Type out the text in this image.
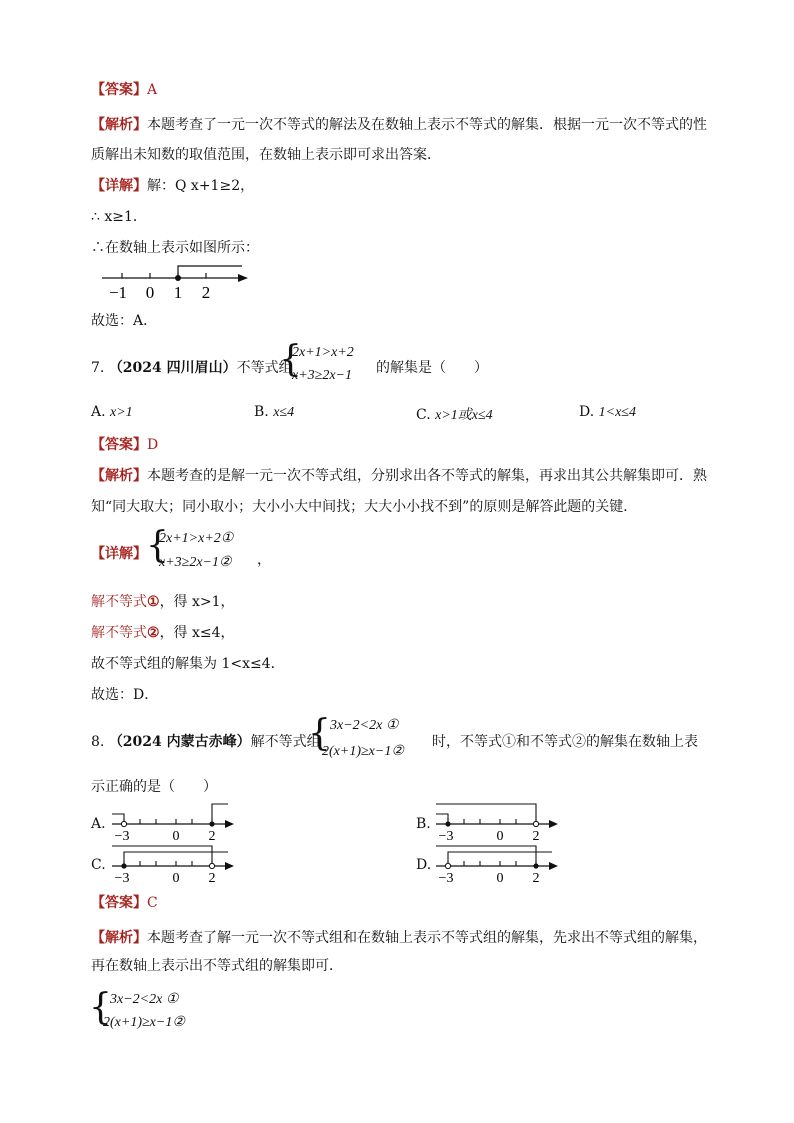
【答案】A
【解析】本题考查了一元一次不等式的解法及在数轴上表示不等式的解集．根据一元一次不等式的性
质解出未知数的取值范围，在数轴上表示即可求出答案．
【详解】解：Q x+1≥2，
∴ x≥1．
∴在数轴上表示如图所示：
−1 0 1 2
故选：A．
7. （2024 四川眉山）不等式组
{
2x+1>x+2
x+3≥2x−1 的解集是（　　）
A. x>1	B. x≤4	C. x>1或x≤4	D. 1<x≤4
【答案】D
【解析】本题考查的是解一元一次不等式组，分别求出各不等式的解集，再求出其公共解集即可．熟
知“同大取大；同小取小；大小小大中间找；大大小小找不到”的原则是解答此题的关键．
【详解】 {
2x+1>x+2①
x+3≥2x−1② ，
解不等式①，得 x>1，
解不等式②，得 x≤4，
故不等式组的解集为 1<x≤4．
故选：D．
8. （2024 内蒙古赤峰）解不等式组
{ 3x−2<2x ①
2(x+1)≥x−1②
时，不等式①和不等式②的解集在数轴上表
示正确的是（　　）
A.
−3	0 2
B.
−3	0 2
C.
−3	0 2
D.
−3	0 2
【答案】C
【解析】本题考查了解一元一次不等式组和在数轴上表示不等式组的解集，先求出不等式组的解集，
再在数轴上表示出不等式组的解集即可．
{
3x−2<2x ①
2(x+1)≥x−1②
